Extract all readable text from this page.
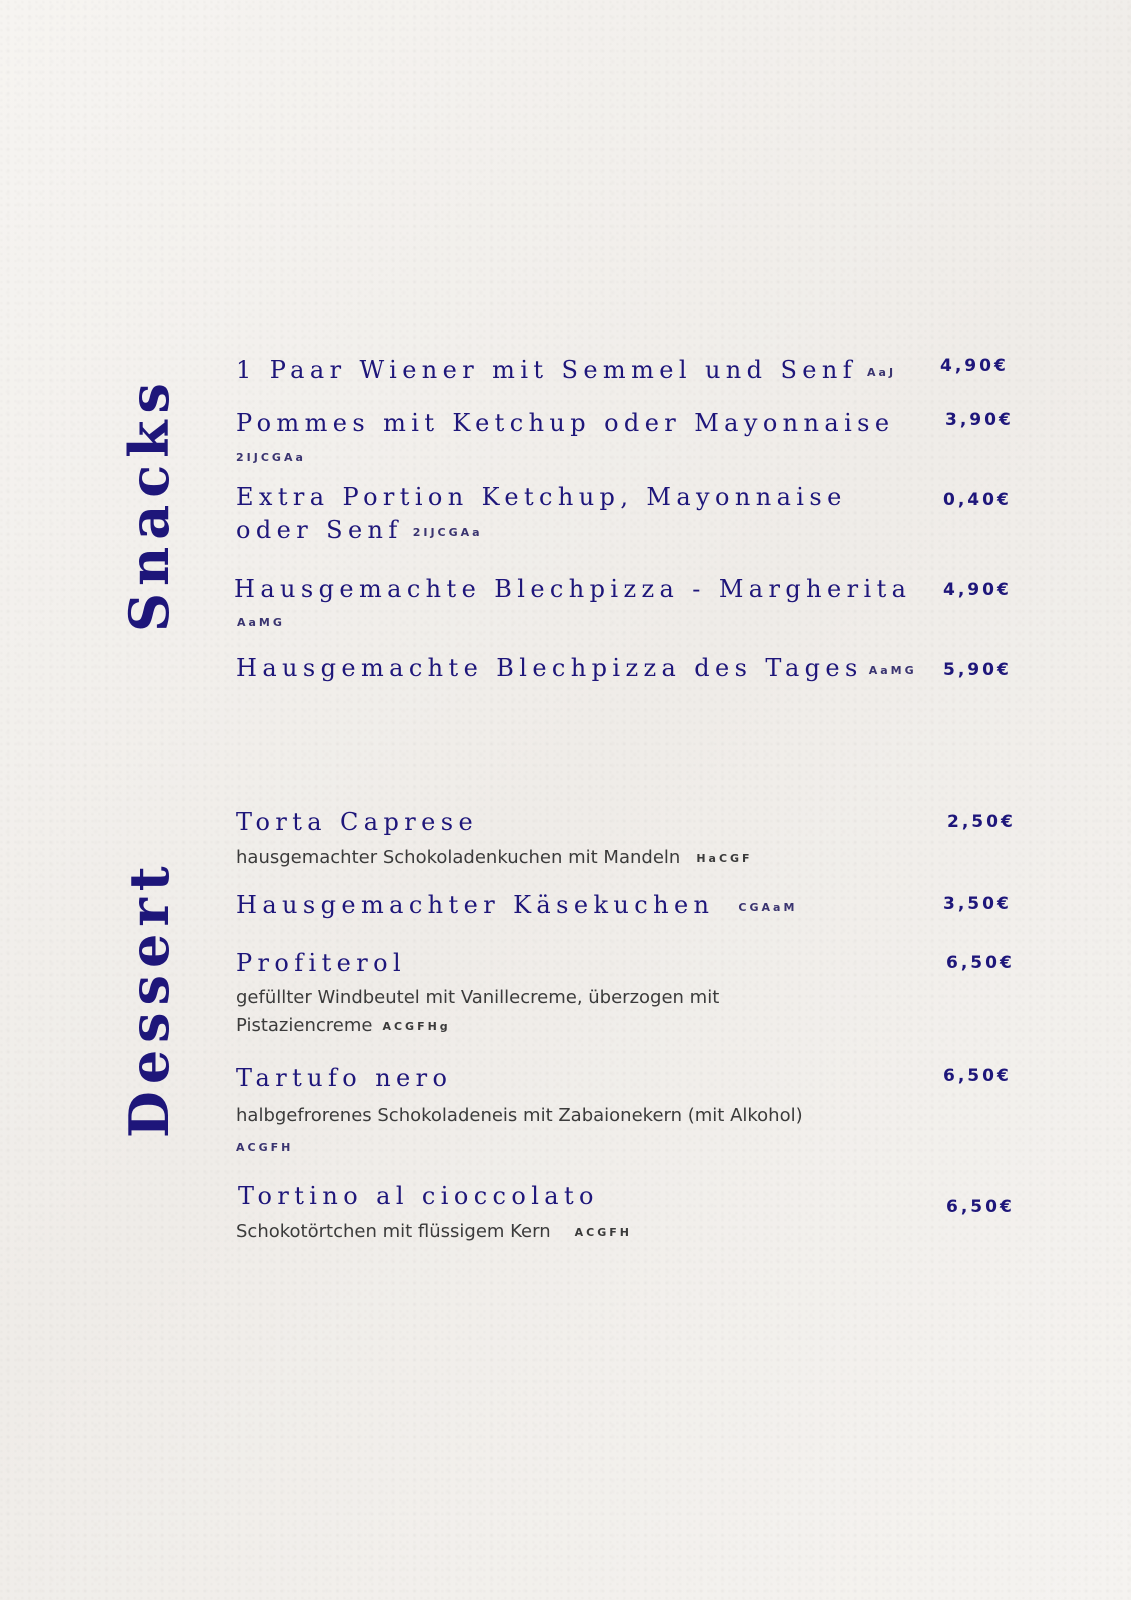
Snacks
Dessert
1 Paar Wiener mit Semmel und Senf AaJ	4,90€
Pommes mit Ketchup oder Mayonnaise
2IJCGAa
3,90€
Extra Portion Ketchup, Mayonnaise oder Senf 2IJCGAa
0,40€
Hausgemachte Blechpizza - Margherita
AaMG
4,90€
Hausgemachte Blechpizza des Tages AaMG 5,90€
Torta Caprese
hausgemachter Schokoladenkuchen mit Mandeln HaCGF
2,50€
Hausgemachter Käsekuchen CGAaM	3,50€
Profiterol
gefüllter Windbeutel mit Vanillecreme, überzogen mit Pistaziencreme ACGFHg
6,50€
Tartufo nero
halbgefrorenes Schokoladeneis mit Zabaionekern (mit Alkohol)
ACGFH
6,50€
Tortino al cioccolato
Schokotörtchen mit flüssigem Kern ACGFH
6,50€
